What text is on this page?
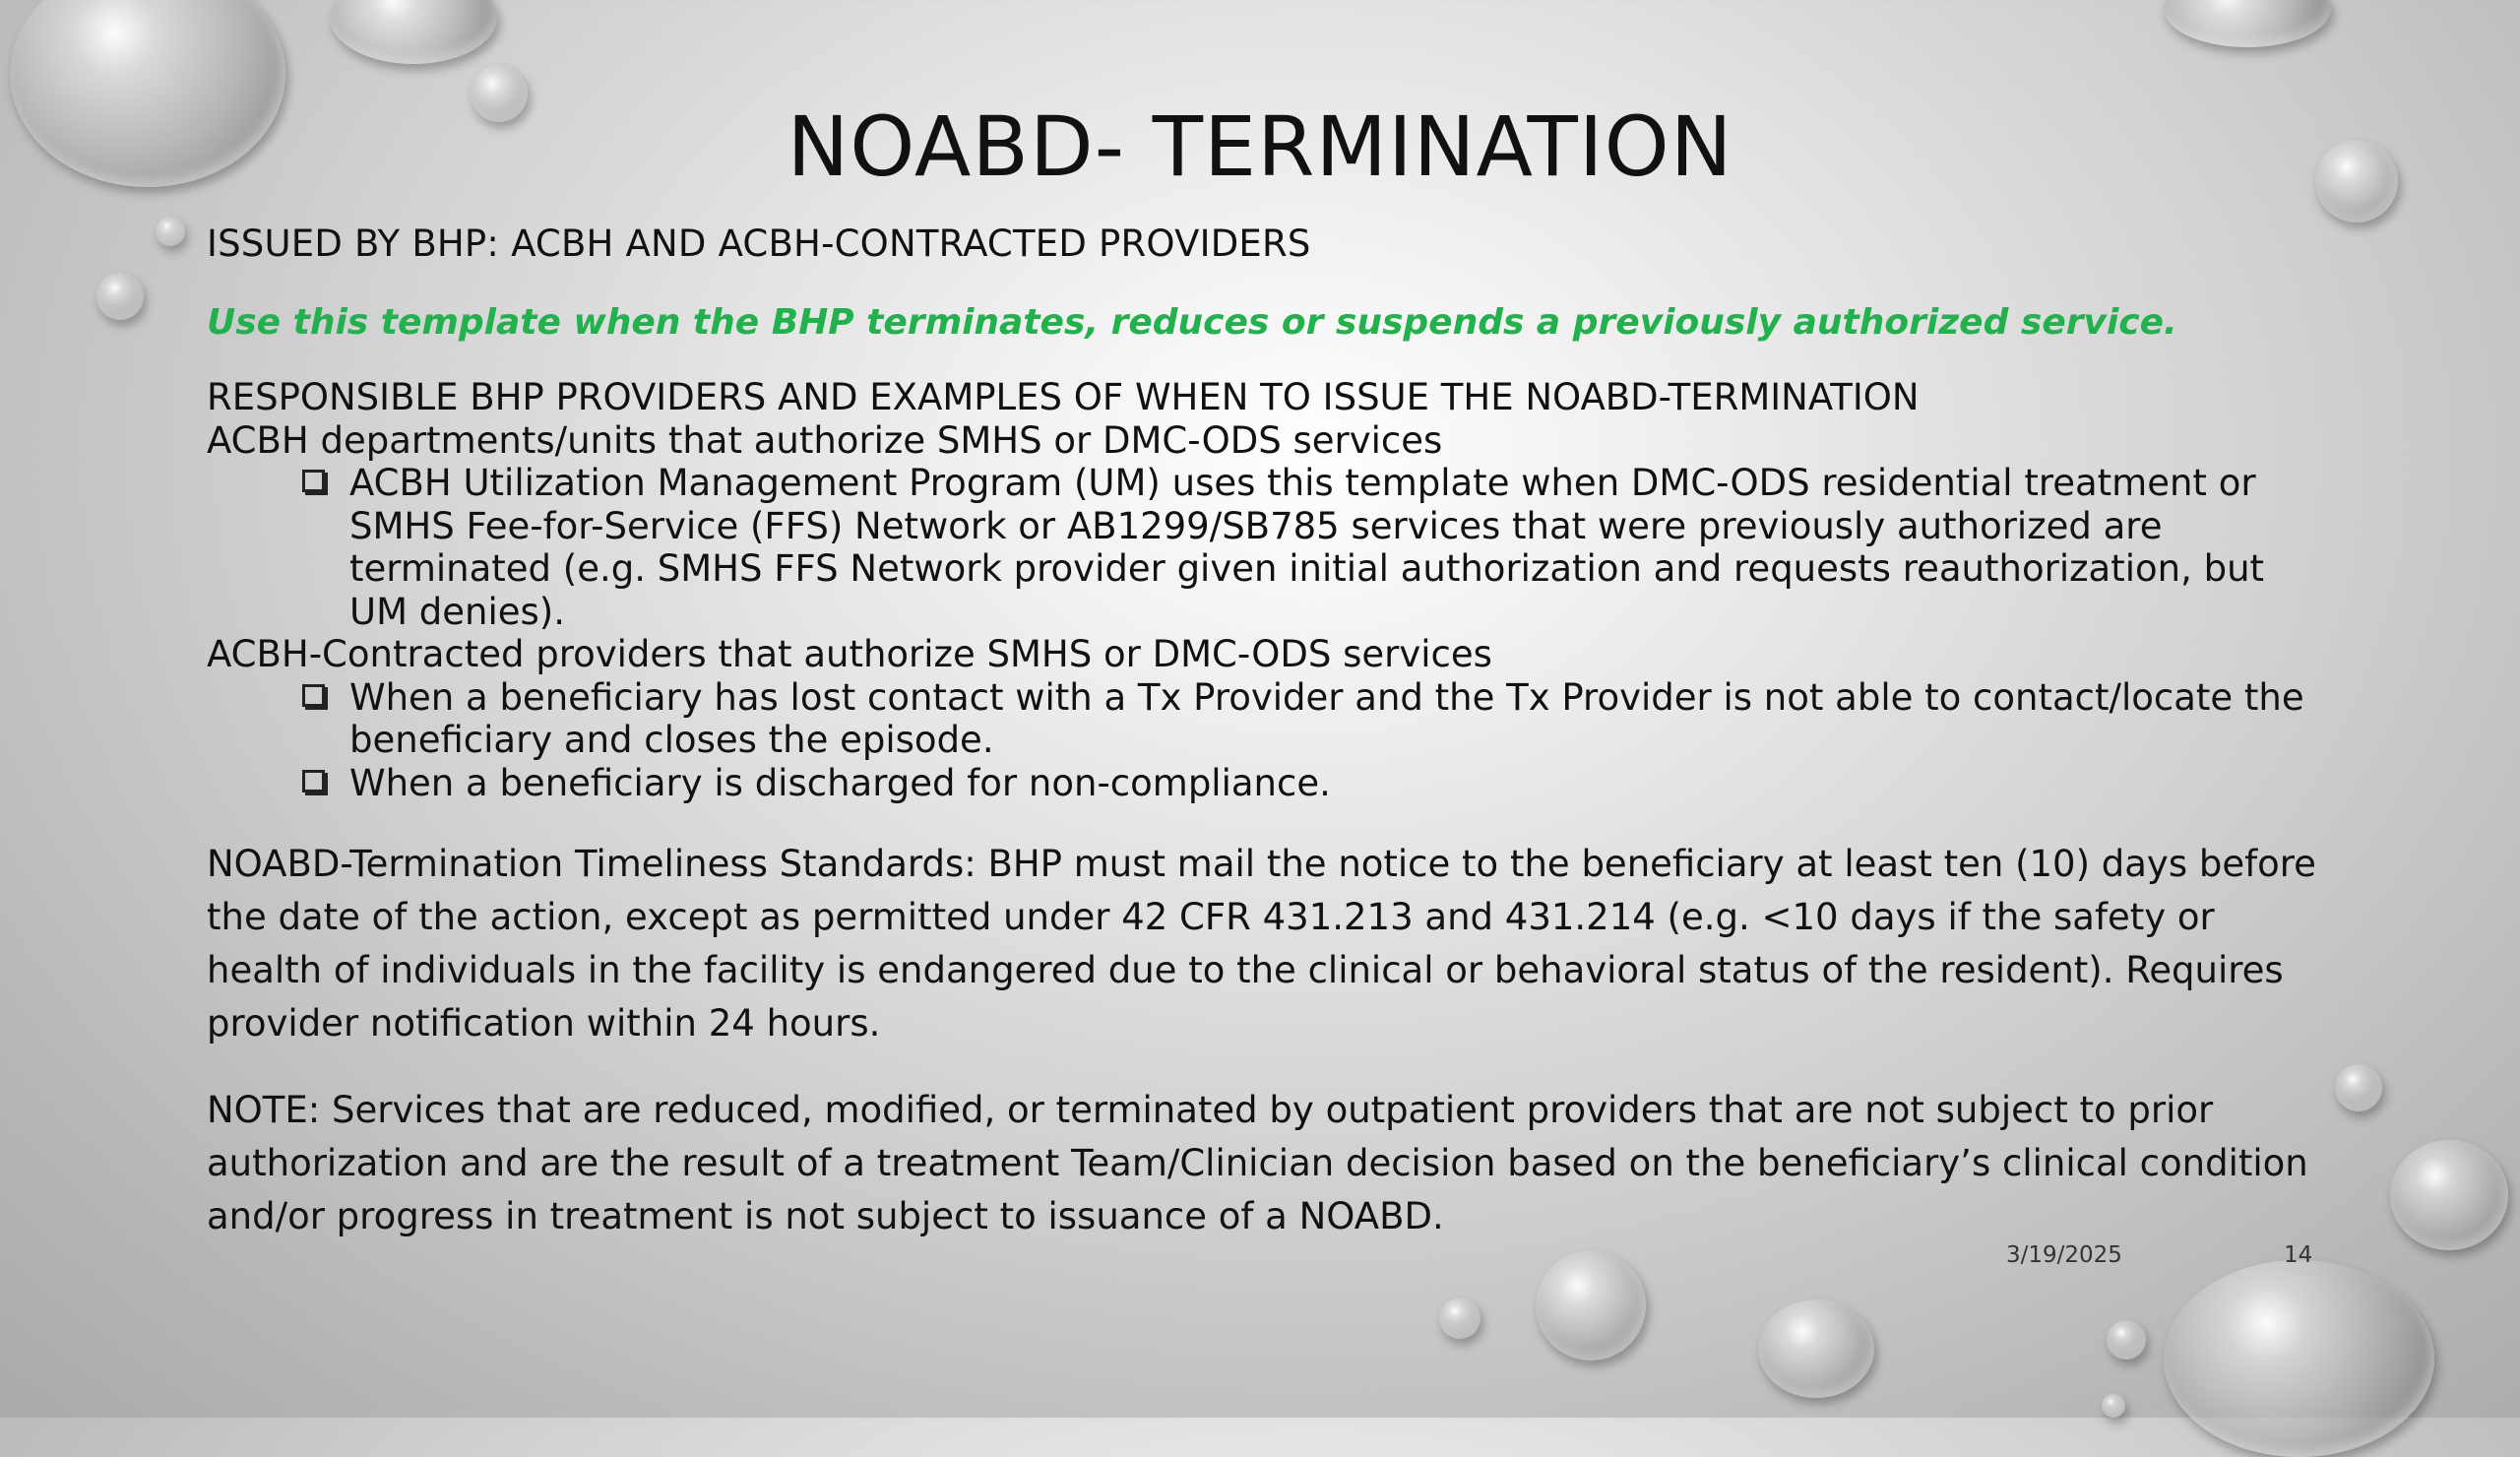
NOABD- TERMINATION

ISSUED BY BHP: ACBH AND ACBH-CONTRACTED PROVIDERS

Use this template when the BHP terminates, reduces or suspends a previously authorized service.

RESPONSIBLE BHP PROVIDERS AND EXAMPLES OF WHEN TO ISSUE THE NOABD-TERMINATION

ACBH departments/units that authorize SMHS or DMC-ODS services

ACBH Utilization Management Program (UM) uses this template when DMC-ODS residential treatment or SMHS Fee-for-Service (FFS) Network or AB1299/SB785 services that were previously authorized are terminated (e.g. SMHS FFS Network provider given initial authorization and requests reauthorization, but UM denies).

ACBH-Contracted providers that authorize SMHS or DMC-ODS services

When a beneficiary has lost contact with a Tx Provider and the Tx Provider is not able to contact/locate the beneficiary and closes the episode.
When a beneficiary is discharged for non-compliance.

NOABD-Termination Timeliness Standards: BHP must mail the notice to the beneficiary at least ten (10) days before the date of the action, except as permitted under 42 CFR 431.213 and 431.214 (e.g. <10 days if the safety or health of individuals in the facility is endangered due to the clinical or behavioral status of the resident). Requires provider notification within 24 hours.

NOTE: Services that are reduced, modified, or terminated by outpatient providers that are not subject to prior authorization and are the result of a treatment Team/Clinician decision based on the beneficiary’s clinical condition and/or progress in treatment is not subject to issuance of a NOABD.

3/19/2025	14
